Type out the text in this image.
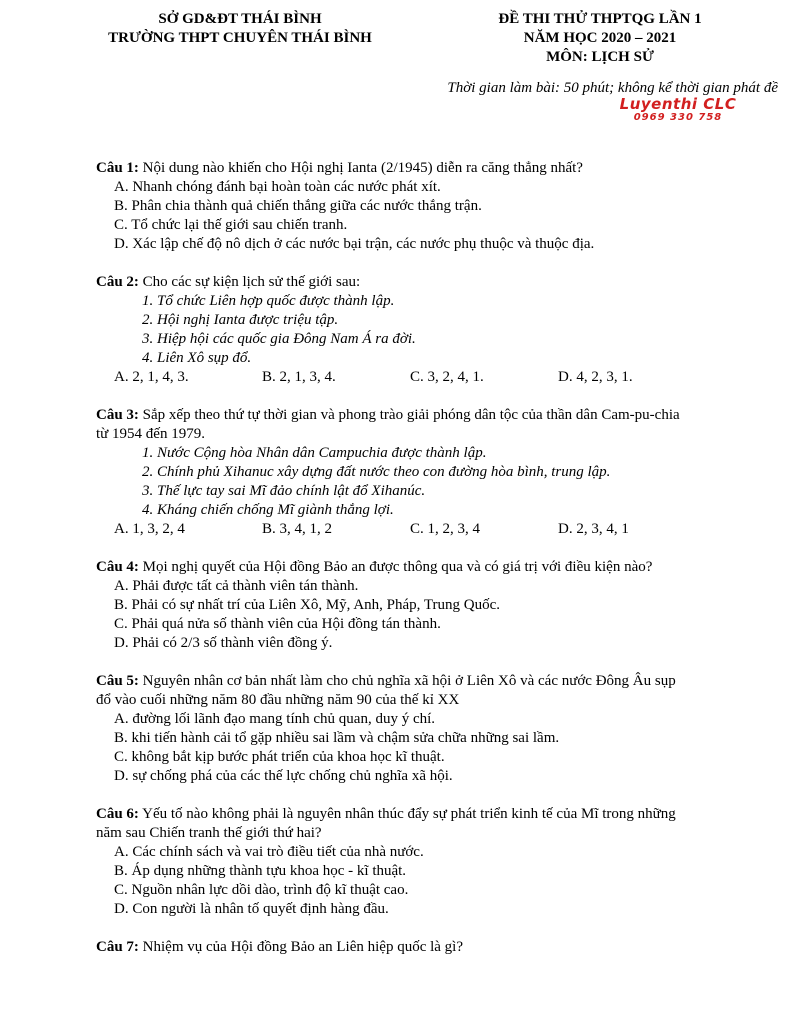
SỞ GD&ĐT THÁI BÌNH
TRƯỜNG THPT CHUYÊN THÁI BÌNH
ĐỀ THI THỬ THPTQG LẦN 1
NĂM HỌC 2020 – 2021
MÔN: LỊCH SỬ
Thời gian làm bài: 50 phút; không kể thời gian phát đề
Luyenthi CLC
0969 330 758

Câu 1: Nội dung nào khiến cho Hội nghị Ianta (2/1945) diễn ra căng thẳng nhất?

A. Nhanh chóng đánh bại hoàn toàn các nước phát xít.

B. Phân chia thành quả chiến thắng giữa các nước thắng trận.

C. Tổ chức lại thế giới sau chiến tranh.

D. Xác lập chế độ nô dịch ở các nước bại trận, các nước phụ thuộc và thuộc địa.

Câu 2: Cho các sự kiện lịch sử thế giới sau:

1. Tổ chức Liên hợp quốc được thành lập.

2. Hội nghị Ianta được triệu tập.

3. Hiệp hội các quốc gia Đông Nam Á ra đời.

4. Liên Xô sụp đổ.

A. 2, 1, 4, 3.	B. 2, 1, 3, 4.	C. 3, 2, 4, 1.	D. 4, 2, 3, 1.

Câu 3: Sắp xếp theo thứ tự thời gian và phong trào giải phóng dân tộc của thần dân Cam-pu-chia

từ 1954 đến 1979.

1. Nước Cộng hòa Nhân dân Campuchia được thành lập.

2. Chính phủ Xihanuc xây dựng đất nước theo con đường hòa bình, trung lập.

3. Thế lực tay sai Mĩ đảo chính lật đổ Xihanúc.

4. Kháng chiến chống Mĩ giành thắng lợi.

A. 1, 3, 2, 4	B. 3, 4, 1, 2	C. 1, 2, 3, 4	D. 2, 3, 4, 1

Câu 4: Mọi nghị quyết của Hội đồng Bảo an được thông qua và có giá trị với điều kiện nào?

A. Phải được tất cả thành viên tán thành.

B. Phải có sự nhất trí của Liên Xô, Mỹ, Anh, Pháp, Trung Quốc.

C. Phải quá nửa số thành viên của Hội đồng tán thành.

D. Phải có 2/3 số thành viên đồng ý.

Câu 5: Nguyên nhân cơ bản nhất làm cho chủ nghĩa xã hội ở Liên Xô và các nước Đông Âu sụp

đổ vào cuối những năm 80 đầu những năm 90 của thế kỉ XX

A. đường lối lãnh đạo mang tính chủ quan, duy ý chí.

B. khi tiến hành cải tổ gặp nhiều sai lầm và chậm sửa chữa những sai lầm.

C. không bắt kịp bước phát triển của khoa học kĩ thuật.

D. sự chống phá của các thế lực chống chủ nghĩa xã hội.

Câu 6: Yếu tố nào không phải là nguyên nhân thúc đẩy sự phát triển kinh tế của Mĩ trong những

năm sau Chiến tranh thế giới thứ hai?

A. Các chính sách và vai trò điều tiết của nhà nước.

B. Áp dụng những thành tựu khoa học - kĩ thuật.

C. Nguồn nhân lực dồi dào, trình độ kĩ thuật cao.

D. Con người là nhân tố quyết định hàng đầu.

Câu 7: Nhiệm vụ của Hội đồng Bảo an Liên hiệp quốc là gì?
